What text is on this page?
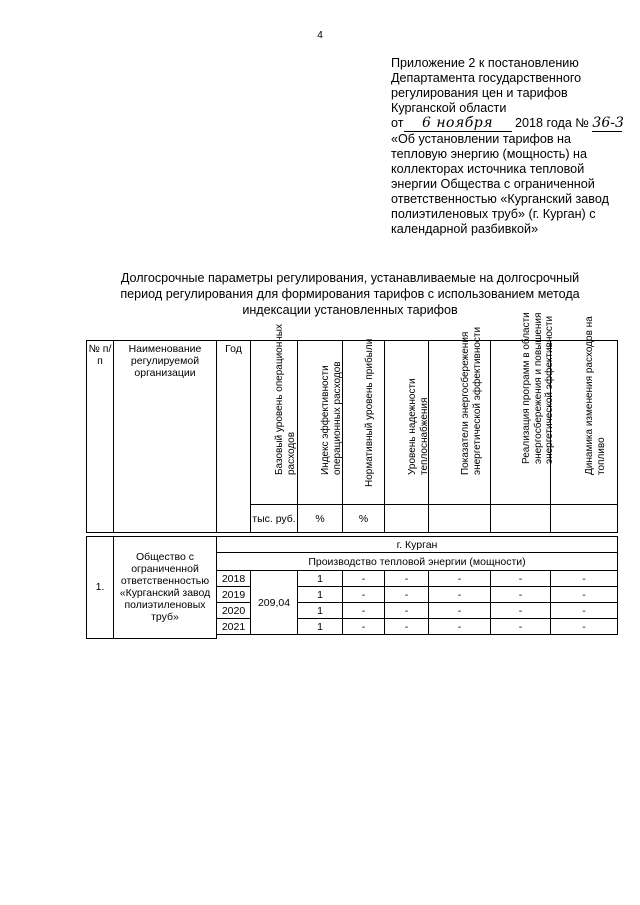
4
Приложение 2 к постановлению
Департамента государственного
регулирования цен и тарифов
Курганской области
от 6 ноября 2018 года № 36-3
«Об установлении тарифов на
тепловую энергию (мощность) на
коллекторах источника тепловой
энергии Общества с ограниченной
ответственностью «Курганский завод
полиэтиленовых труб» (г. Курган) с
календарной разбивкой»
Долгосрочные параметры регулирования, устанавливаемые на долгосрочный
период регулирования для формирования тарифов с использованием метода
индексации установленных тарифов
№ п/п	Наименование регулируемой организации	Год	Базовый уровень операционных расходов	Индекс эффективности операционных расходов	Нормативный уровень прибыли	Уровень надежности теплоснабжения	Показатели энергосбережения энергетической эффективности	Реализация программ в области энергосбережения и повышения энергетической эффективности	Динамика изменения расходов на топливо

			тыс. руб.	%	%				

1.	Общество с ограниченной ответственностью «Курганский завод полиэтиленовых труб»	г. Курган							
		Производство тепловой энергии (мощности)							
		2018	209,04	1	-	-	-	-	-
		2019		1	-	-	-	-	-
		2020		1	-	-	-	-	-
		2021		1	-	-	-	-	-
